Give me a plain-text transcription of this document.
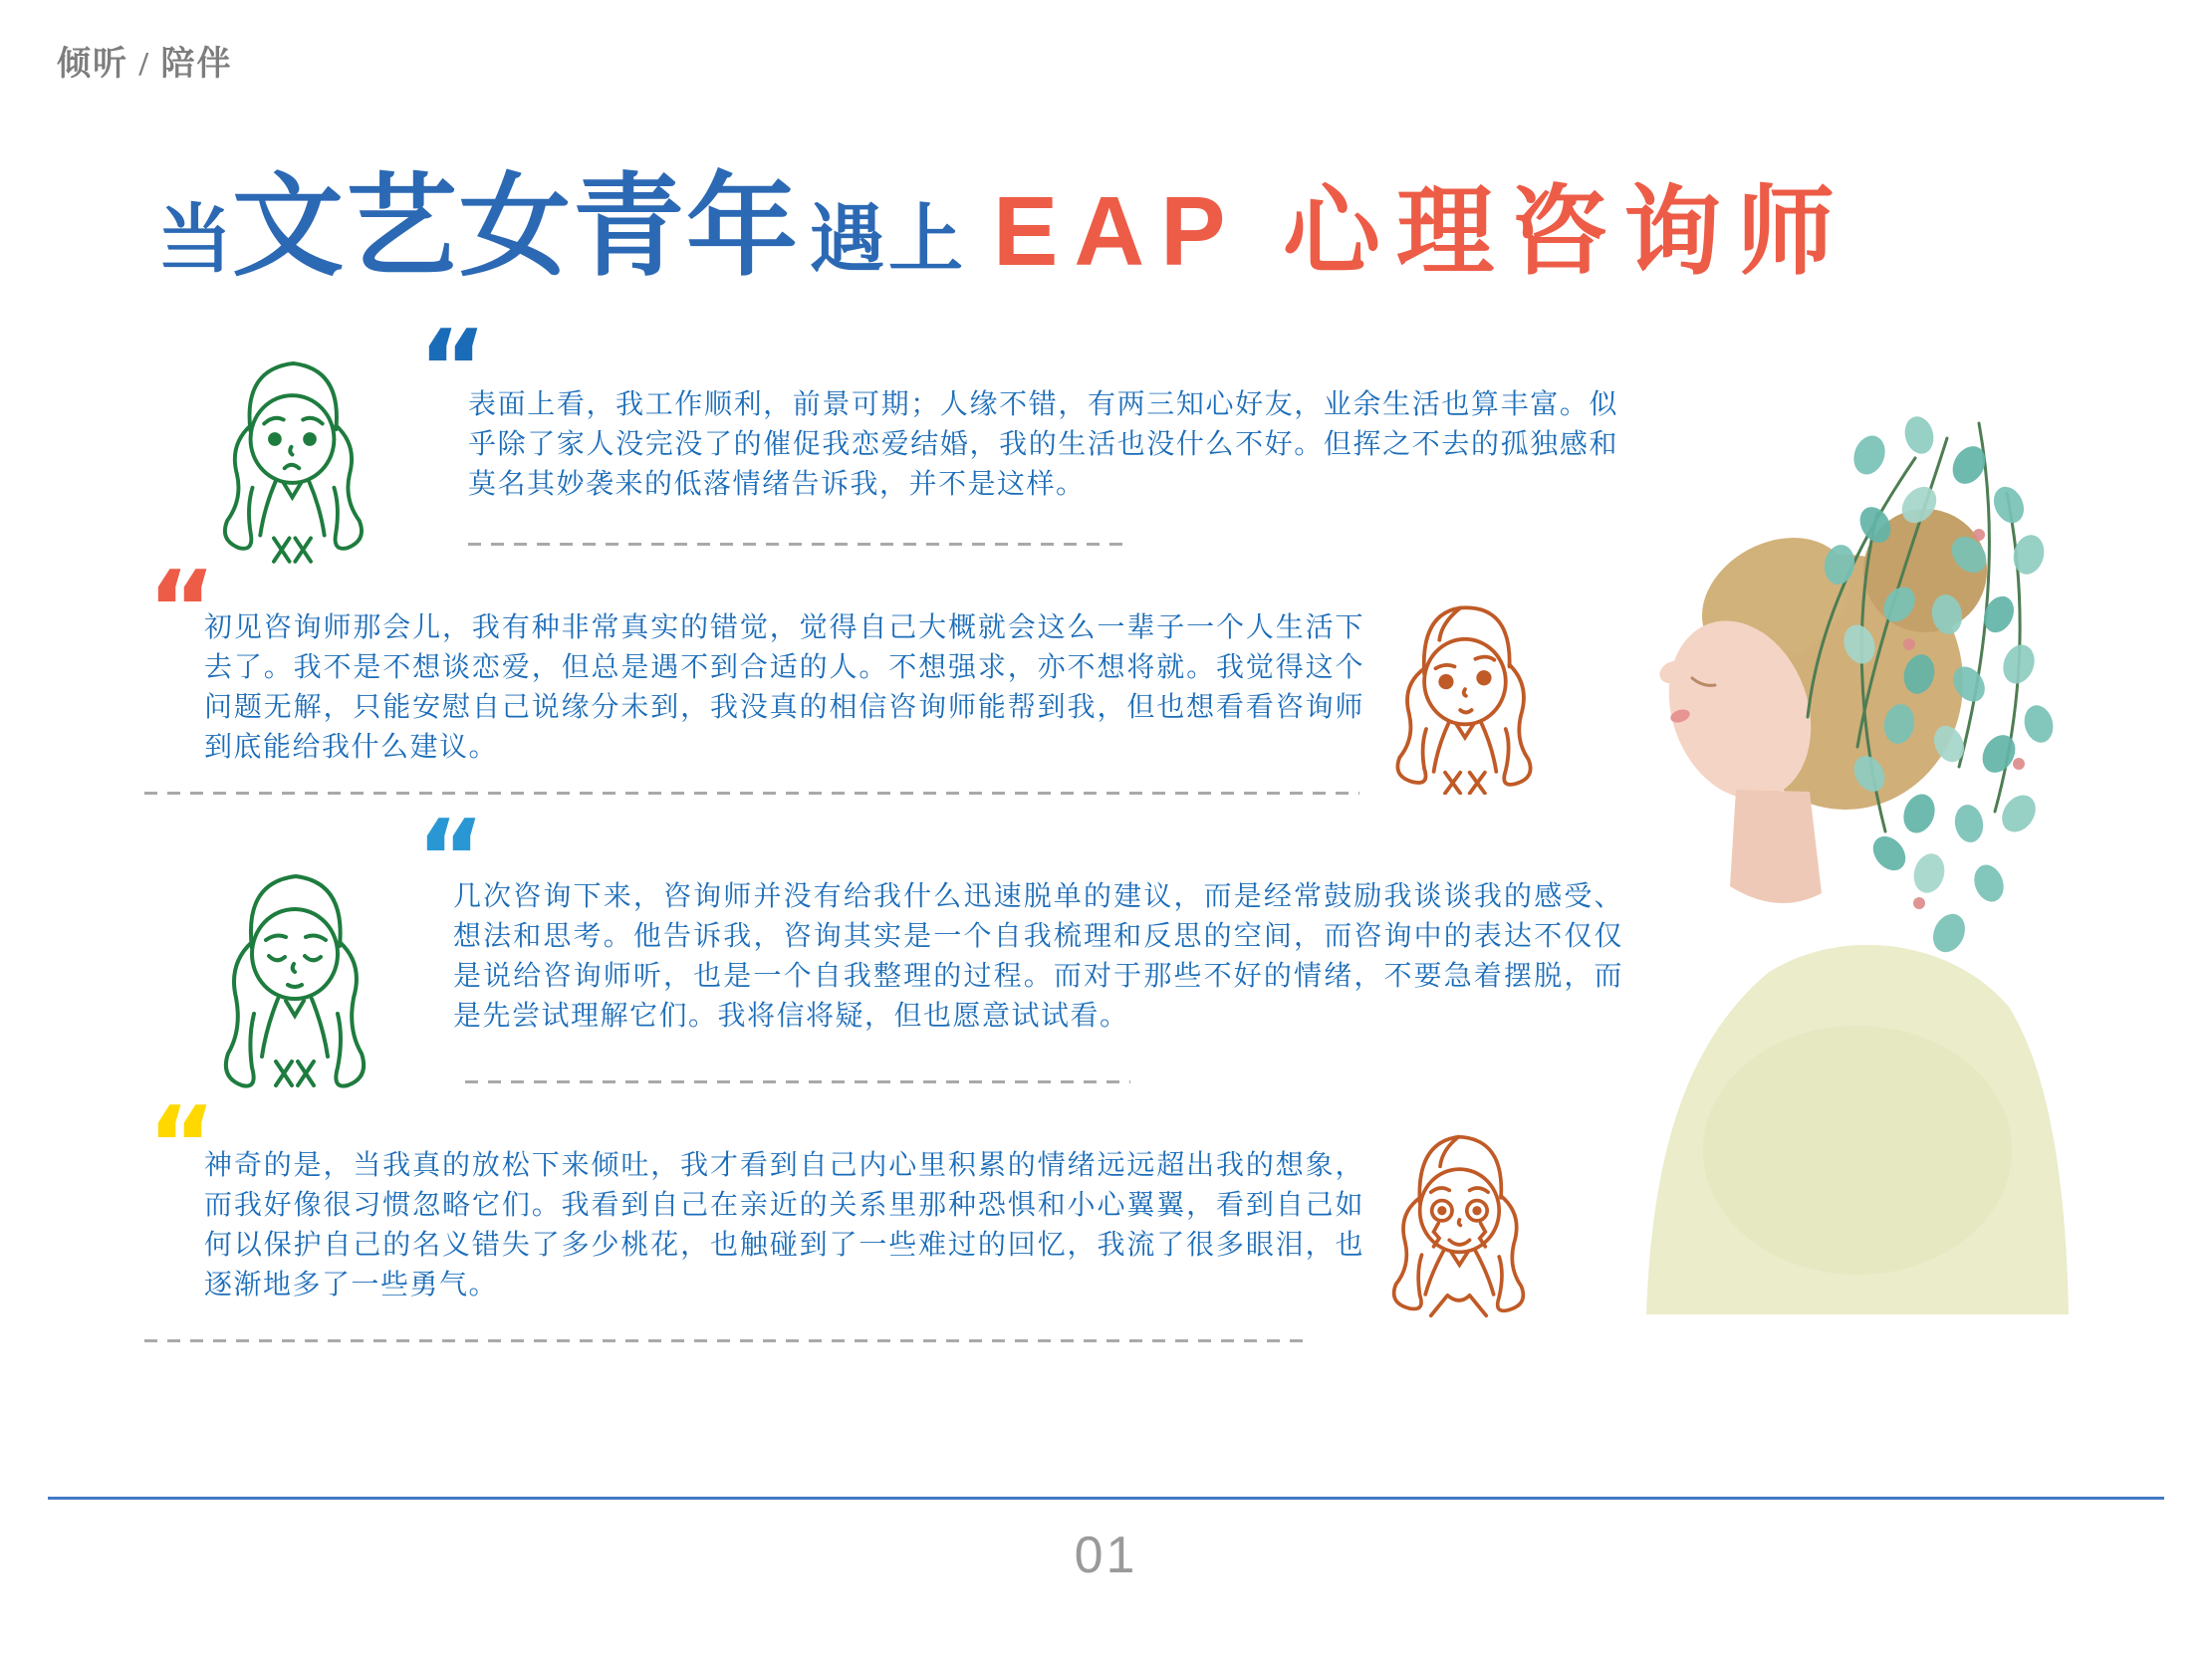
倾听 / 陪伴
当 文艺女青年 遇上 EAP 心理咨询师
“
表面上看，我工作顺利，前景可期；人缘不错，有两三知心好友，业余生活也算丰富。似乎除了家人没完没了的催促我恋爱结婚，我的生活也没什么不好。但挥之不去的孤独感和莫名其妙袭来的低落情绪告诉我，并不是这样。
“
初见咨询师那会儿，我有种非常真实的错觉，觉得自己大概就会这么一辈子一个人生活下去了。我不是不想谈恋爱，但总是遇不到合适的人。不想强求，亦不想将就。我觉得这个问题无解，只能安慰自己说缘分未到，我没真的相信咨询师能帮到我，但也想看看咨询师到底能给我什么建议。
“
几次咨询下来，咨询师并没有给我什么迅速脱单的建议，而是经常鼓励我谈谈我的感受、想法和思考。他告诉我，咨询其实是一个自我梳理和反思的空间，而咨询中的表达不仅仅是说给咨询师听，也是一个自我整理的过程。而对于那些不好的情绪，不要急着摆脱，而是先尝试理解它们。我将信将疑，但也愿意试试看。
“
神奇的是，当我真的放松下来倾吐，我才看到自己内心里积累的情绪远远超出我的想象，而我好像很习惯忽略它们。我看到自己在亲近的关系里那种恐惧和小心翼翼，看到自己如何以保护自己的名义错失了多少桃花，也触碰到了一些难过的回忆，我流了很多眼泪，也逐渐地多了一些勇气。
01
